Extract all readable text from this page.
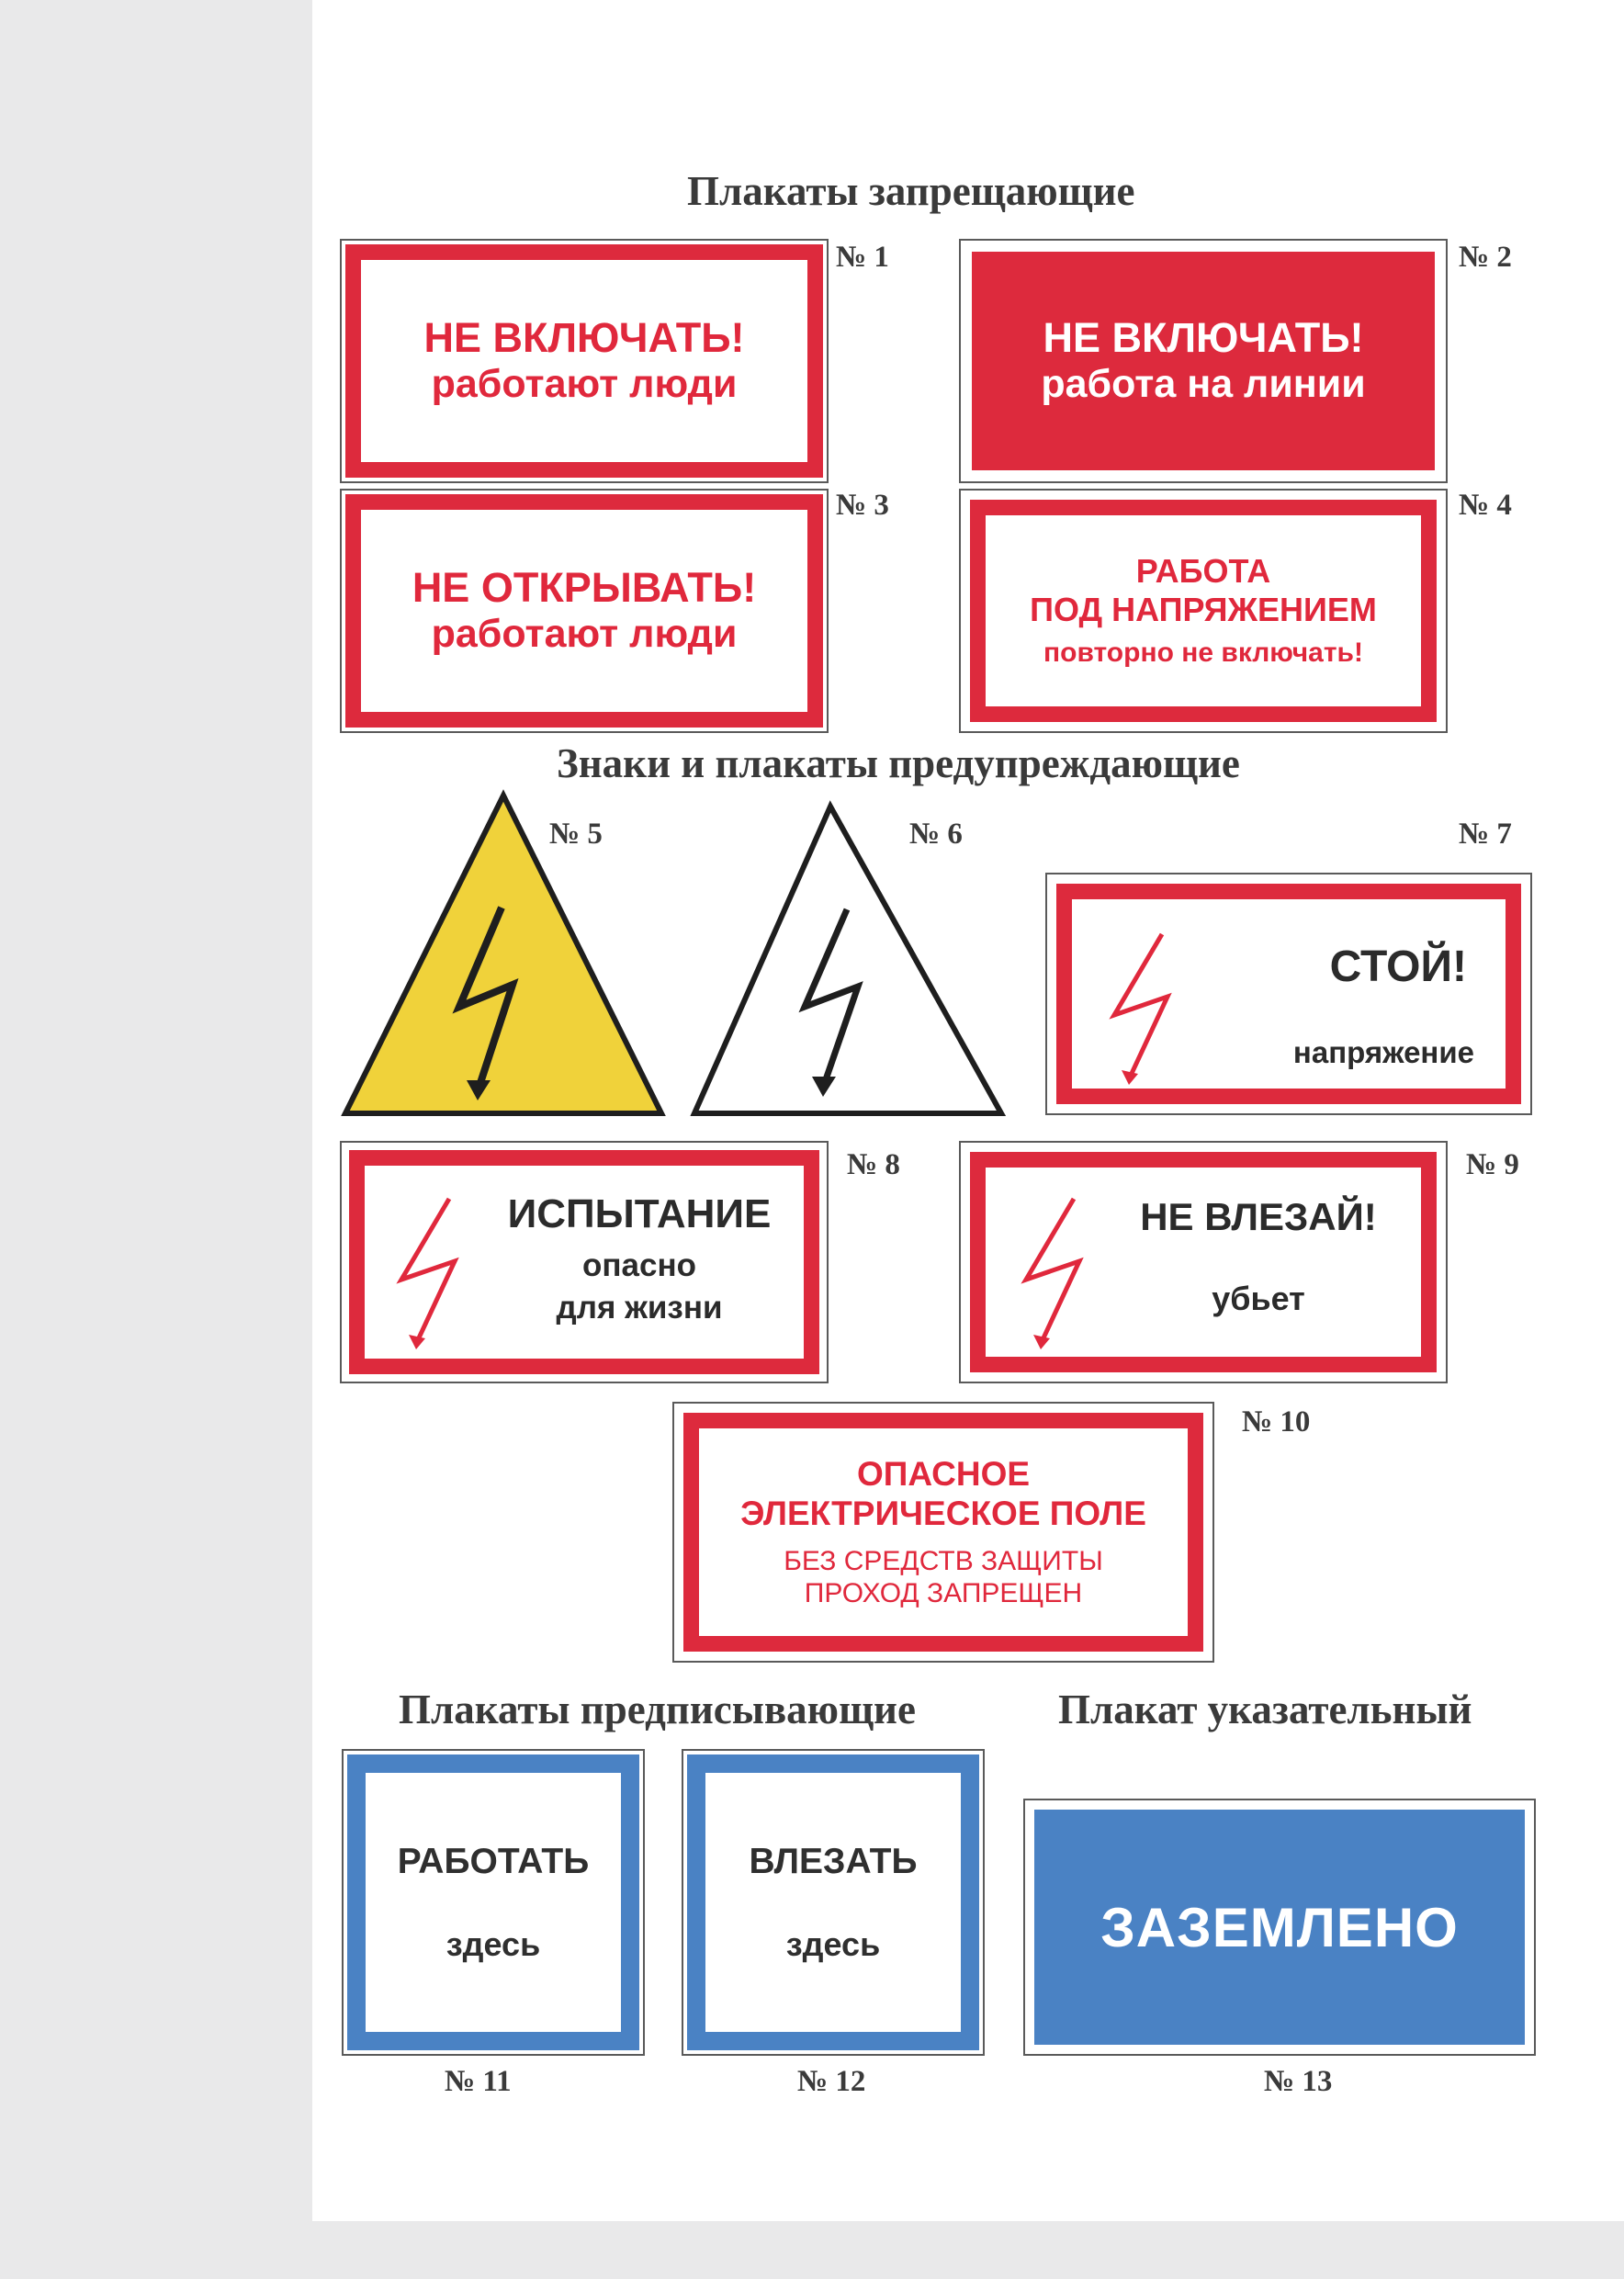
Плакаты запрещающие
Знаки и плакаты предупреждающие
Плакаты предписывающие	Плакат указательный
НЕ ВКЛЮЧАТЬ!
работают люди
№ 1
НЕ ВКЛЮЧАТЬ!
работа на линии
№ 2
НЕ ОТКРЫВАТЬ!
работают люди
№ 3
РАБОТА
ПОД НАПРЯЖЕНИЕМ
повторно не включать!
№ 4
№ 5	№ 6	№ 7
СТОЙ!
напряжение
ИСПЫТАНИЕ
опасно
для жизни
№ 8
НЕ ВЛЕЗАЙ!
убьет
№ 9
ОПАСНОЕ
ЭЛЕКТРИЧЕСКОЕ ПОЛЕ
БЕЗ СРЕДСТВ ЗАЩИТЫ
ПРОХОД ЗАПРЕЩЕН
№ 10
РАБОТАТЬ
здесь
№ 11
ВЛЕЗАТЬ
здесь
№ 12
ЗАЗЕМЛЕНО
№ 13
